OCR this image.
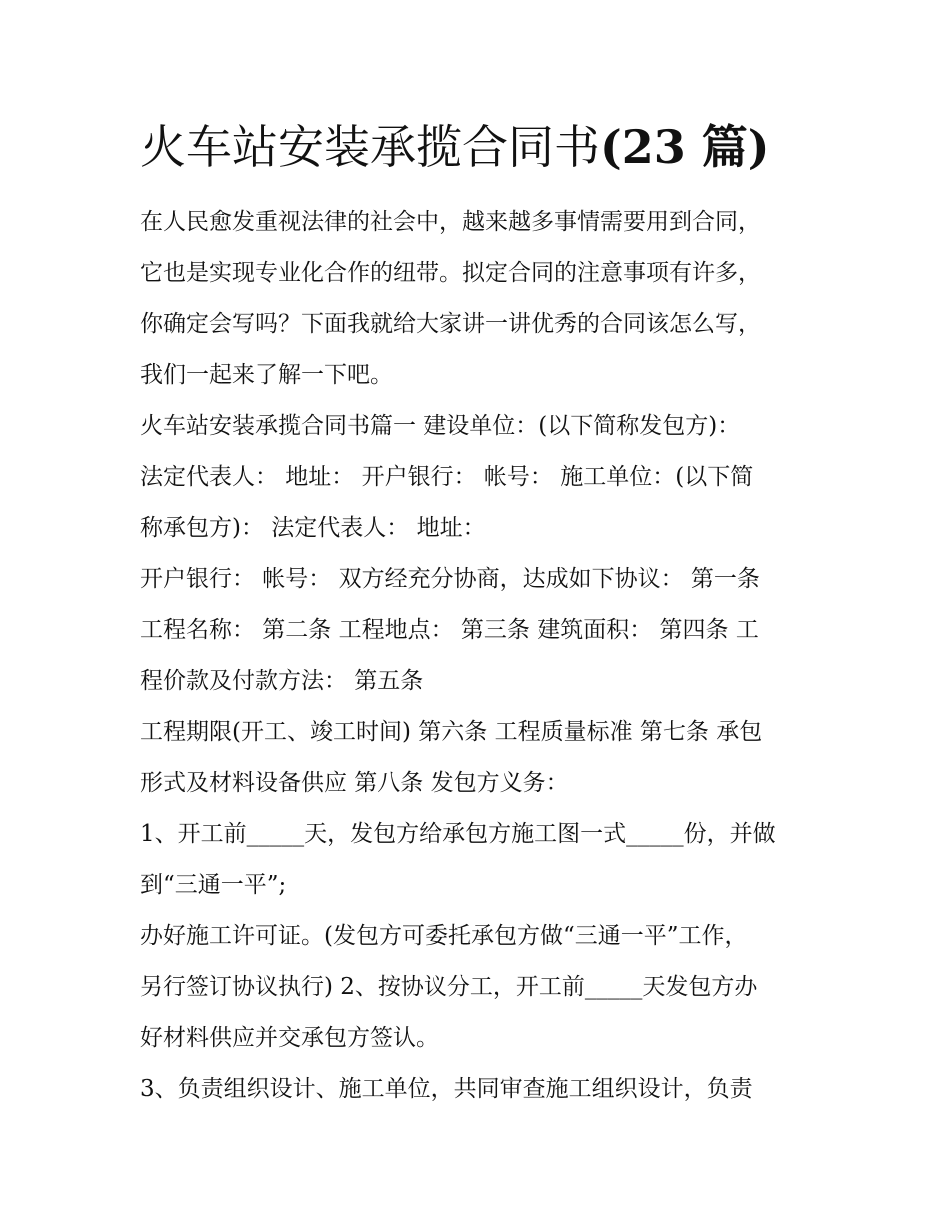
火车站安装承揽合同书(23 篇)
在人民愈发重视法律的社会中，越来越多事情需要用到合同，
它也是实现专业化合作的纽带。拟定合同的注意事项有许多，
你确定会写吗？下面我就给大家讲一讲优秀的合同该怎么写，
我们一起来了解一下吧。
火车站安装承揽合同书篇一 建设单位：(以下简称发包方)：
法定代表人： 地址： 开户银行： 帐号： 施工单位：(以下简
称承包方)： 法定代表人： 地址：
开户银行： 帐号： 双方经充分协商，达成如下协议： 第一条
工程名称： 第二条 工程地点： 第三条 建筑面积： 第四条 工
程价款及付款方法： 第五条
工程期限(开工、竣工时间) 第六条 工程质量标准 第七条 承包
形式及材料设备供应 第八条 发包方义务：
1、开工前_____天，发包方给承包方施工图一式_____份，并做
到“三通一平”;
办好施工许可证。(发包方可委托承包方做“三通一平”工作，
另行签订协议执行) 2、按协议分工，开工前_____天发包方办
好材料供应并交承包方签认。
3、负责组织设计、施工单位，共同审查施工组织设计，负责
